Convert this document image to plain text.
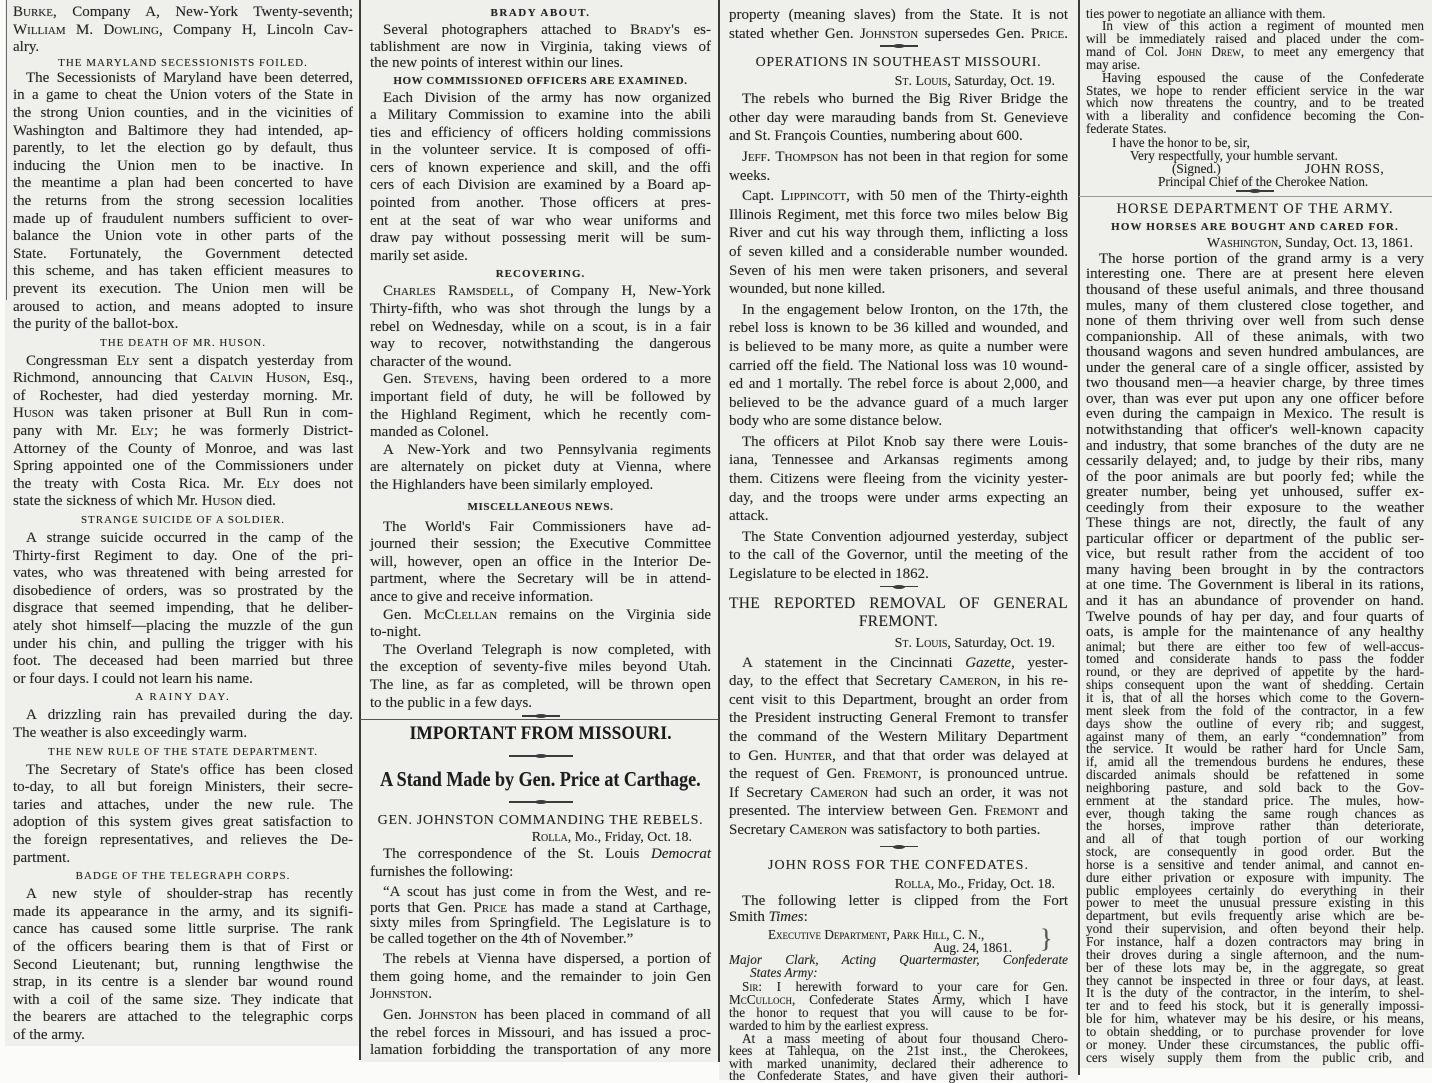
Burke, Company A, New-York Twenty-seventh;
William M. Dowling, Company H, Lincoln Cav-
alry.
THE MARYLAND SECESSIONISTS FOILED.
The Secessionists of Maryland have been deterred,
in a game to cheat the Union voters of the State in
the strong Union counties, and in the vicinities of
Washington and Baltimore they had intended, ap-
parently, to let the election go by default, thus
inducing the Union men to be inactive. In
the meantime a plan had been concerted to have
the returns from the strong secession localities
made up of fraudulent numbers sufficient to over-
balance the Union vote in other parts of the
State. Fortunately, the Government detected
this scheme, and has taken efficient measures to
prevent its execution. The Union men will be
aroused to action, and means adopted to insure
the purity of the ballot-box.
THE DEATH OF MR. HUSON.
Congressman Ely sent a dispatch yesterday from
Richmond, announcing that Calvin Huson, Esq.,
of Rochester, had died yesterday morning. Mr.
Huson was taken prisoner at Bull Run in com-
pany with Mr. Ely; he was formerly District-
Attorney of the County of Monroe, and was last
Spring appointed one of the Commissioners under
the treaty with Costa Rica. Mr. Ely does not
state the sickness of which Mr. Huson died.
STRANGE SUICIDE OF A SOLDIER.
A strange suicide occurred in the camp of the
Thirty-first Regiment to day. One of the pri-
vates, who was threatened with being arrested for
disobedience of orders, was so prostrated by the
disgrace that seemed impending, that he deliber-
ately shot himself—placing the muzzle of the gun
under his chin, and pulling the trigger with his
foot. The deceased had been married but three
or four days. I could not learn his name.
A RAINY DAY.
A drizzling rain has prevailed during the day.
The weather is also exceedingly warm.
THE NEW RULE OF THE STATE DEPARTMENT.
The Secretary of State's office has been closed
to-day, to all but foreign Ministers, their secre-
taries and attaches, under the new rule. The
adoption of this system gives great satisfaction to
the foreign representatives, and relieves the De-
partment.
BADGE OF THE TELEGRAPH CORPS.
A new style of shoulder-strap has recently
made its appearance in the army, and its signifi-
cance has caused some little surprise. The rank
of the officers bearing them is that of First or
Second Lieutenant; but, running lengthwise the
strap, in its centre is a slender bar wound round
with a coil of the same size. They indicate that
the bearers are attached to the telegraphic corps
of the army.
BRADY ABOUT.
Several photographers attached to Brady's es-
tablishment are now in Virginia, taking views of
the new points of interest within our lines.
HOW COMMISSIONED OFFICERS ARE EXAMINED.
Each Division of the army has now organized
a Military Commission to examine into the abili
ties and efficiency of officers holding commissions
in the volunteer service. It is composed of offi-
cers of known experience and skill, and the offi
cers of each Division are examined by a Board ap-
pointed from another. Those officers at pres-
ent at the seat of war who wear uniforms and
draw pay without possessing merit will be sum-
marily set aside.
RECOVERING.
Charles Ramsdell, of Company H, New-York
Thirty-fifth, who was shot through the lungs by a
rebel on Wednesday, while on a scout, is in a fair
way to recover, notwithstanding the dangerous
character of the wound.
Gen. Stevens, having been ordered to a more
important field of duty, he will be followed by
the Highland Regiment, which he recently com-
manded as Colonel.
A New-York and two Pennsylvania regiments
are alternately on picket duty at Vienna, where
the Highlanders have been similarly employed.
MISCELLANEOUS NEWS.
The World's Fair Commissioners have ad-
journed their session; the Executive Committee
will, however, open an office in the Interior De-
partment, where the Secretary will be in attend-
ance to give and receive information.
Gen. McClellan remains on the Virginia side
to-night.
The Overland Telegraph is now completed, with
the exception of seventy-five miles beyond Utah.
The line, as far as completed, will be thrown open
to the public in a few days.
IMPORTANT FROM MISSOURI.
A Stand Made by Gen. Price at Carthage.
GEN. JOHNSTON COMMANDING THE REBELS.
Rolla, Mo., Friday, Oct. 18.
The correspondence of the St. Louis Democrat
furnishes the following:
“A scout has just come in from the West, and re-
ports that Gen. Price has made a stand at Carthage,
sixty miles from Springfield. The Legislature is to
be called together on the 4th of November.”
The rebels at Vienna have dispersed, a portion of
them going home, and the remainder to join Gen
Johnston.
Gen. Johnston has been placed in command of all
the rebel forces in Missouri, and has issued a proc-
lamation forbidding the transportation of any more
property (meaning slaves) from the State. It is not
stated whether Gen. Johnston supersedes Gen. Price.
OPERATIONS IN SOUTHEAST MISSOURI.
St. Louis, Saturday, Oct. 19.
The rebels who burned the Big River Bridge the
other day were marauding bands from St. Genevieve
and St. François Counties, numbering about 600.
Jeff. Thompson has not been in that region for some
weeks.
Capt. Lippincott, with 50 men of the Thirty-eighth
Illinois Regiment, met this force two miles below Big
River and cut his way through them, inflicting a loss
of seven killed and a considerable number wounded.
Seven of his men were taken prisoners, and several
wounded, but none killed.
In the engagement below Ironton, on the 17th, the
rebel loss is known to be 36 killed and wounded, and
is believed to be many more, as quite a number were
carried off the field. The National loss was 10 wound-
ed and 1 mortally. The rebel force is about 2,000, and
believed to be the advance guard of a much larger
body who are some distance below.
The officers at Pilot Knob say there were Louis-
iana, Tennessee and Arkansas regiments among
them. Citizens were fleeing from the vicinity yester-
day, and the troops were under arms expecting an
attack.
The State Convention adjourned yesterday, subject
to the call of the Governor, until the meeting of the
Legislature to be elected in 1862.
THE REPORTED REMOVAL OF GENERAL
FREMONT.
St. Louis, Saturday, Oct. 19.
A statement in the Cincinnati Gazette, yester-
day, to the effect that Secretary Cameron, in his re-
cent visit to this Department, brought an order from
the President instructing General Fremont to transfer
the command of the Western Military Department
to Gen. Hunter, and that that order was delayed at
the request of Gen. Fremont, is pronounced untrue.
If Secretary Cameron had such an order, it was not
presented. The interview between Gen. Fremont and
Secretary Cameron was satisfactory to both parties.
JOHN ROSS FOR THE CONFEDATES.
Rolla, Mo., Friday, Oct. 18.
The following letter is clipped from the Fort
Smith Times:
Executive Department, Park Hill, C. N.,
Aug. 24, 1861.	}
Major Clark, Acting Quartermaster, Confederate
States Army:
Sir: I herewith forward to your care for Gen.
McCulloch, Confederate States Army, which I have
the honor to request that you will cause to be for-
warded to him by the earliest express.
At a mass meeting of about four thousand Chero-
kees at Tahlequa, on the 21st inst., the Cherokees,
with marked unanimity, declared their adherence to
the Confederate States, and have given their authori-
ties power to negotiate an alliance with them.
In view of this action a regiment of mounted men
will be immediately raised and placed under the com-
mand of Col. John Drew, to meet any emergency that
may arise.
Having espoused the cause of the Confederate
States, we hope to render efficient service in the war
which now threatens the country, and to be treated
with a liberality and confidence becoming the Con-
federate States.
I have the honor to be, sir,
Very respectfully, your humble servant.
(Signed.)	JOHN ROSS,
Principal Chief of the Cherokee Nation.
HORSE DEPARTMENT OF THE ARMY.
HOW HORSES ARE BOUGHT AND CARED FOR.
Washington, Sunday, Oct. 13, 1861.
The horse portion of the grand army is a very
interesting one. There are at present here eleven
thousand of these useful animals, and three thousand
mules, many of them clustered close together, and
none of them thriving over well from such dense
companionship. All of these animals, with two
thousand wagons and seven hundred ambulances, are
under the general care of a single officer, assisted by
two thousand men—a heavier charge, by three times
over, than was ever put upon any one officer before
even during the campaign in Mexico. The result is
notwithstanding that officer's well-known capacity
and industry, that some branches of the duty are ne
cessarily delayed; and, to judge by their ribs, many
of the poor animals are but poorly fed; while the
greater number, being yet unhoused, suffer ex-
ceedingly from their exposure to the weather
These things are not, directly, the fault of any
particular officer or department of the public ser-
vice, but result rather from the accident of too
many having been brought in by the contractors
at one time. The Government is liberal in its rations,
and it has an abundance of provender on hand.
Twelve pounds of hay per day, and four quarts of
oats, is ample for the maintenance of any healthy
animal; but there are either too few of well-accus-
tomed and considerate hands to pass the fodder
round, or they are deprived of appetite by the hard-
ships consequent upon the want of shedding. Certain
it is, that of all the horses which come to the Govern-
ment sleek from the fold of the contractor, in a few
days show the outline of every rib; and suggest,
against many of them, an early “condemnation” from
the service. It would be rather hard for Uncle Sam,
if, amid all the tremendous burdens he endures, these
discarded animals should be refattened in some
neighboring pasture, and sold back to the Gov-
ernment at the standard price. The mules, how-
ever, though taking the same rough chances as
the horses, improve rather than deteriorate,
and all of that tough portion of our working
stock, are consequently in good order. But the
horse is a sensitive and tender animal, and cannot en-
dure either privation or exposure with impunity. The
public employees certainly do everything in their
power to meet the unusual pressure existing in this
department, but evils frequently arise which are be-
yond their supervision, and often beyond their help.
For instance, half a dozen contractors may bring in
their droves during a single afternoon, and the num-
ber of these lots may be, in the aggregate, so great
they cannot be inspected in three or four days, at least.
It is the duty of the contractor, in the interim, to shel-
ter and to feed his stock, but it is generally impossi-
ble for him, whatever may be his desire, or his means,
to obtain shedding, or to purchase provender for love
or money. Under these circumstances, the public offi-
cers wisely supply them from the public crib, and
